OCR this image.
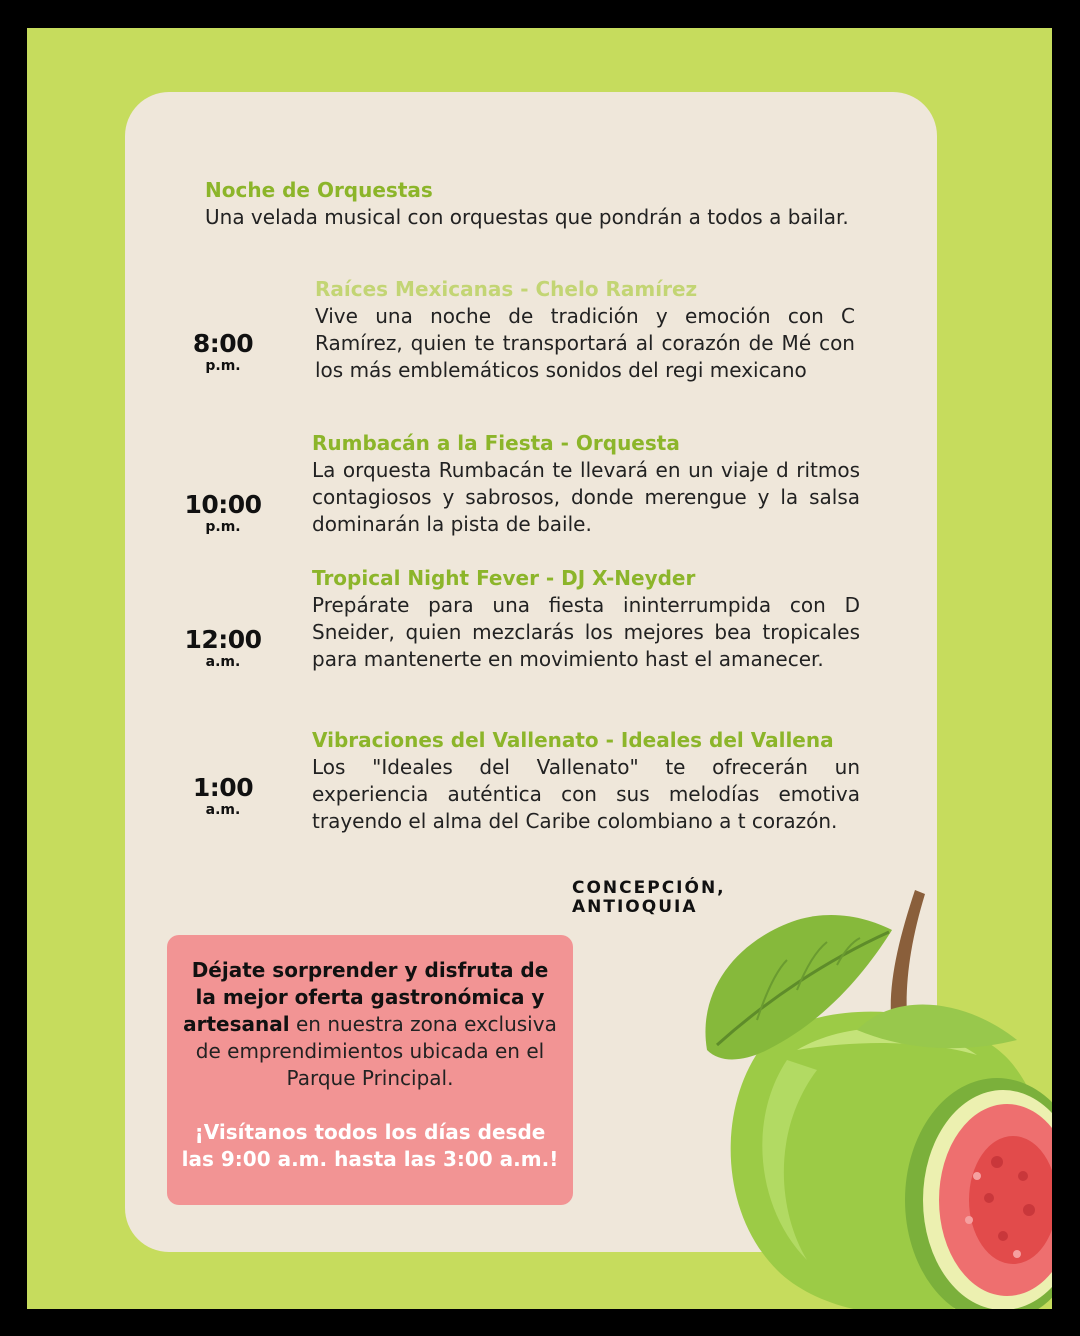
Noche de Orquestas
Una velada musical con orquestas que pondrán a todos a bailar.
8:00
p.m.
Raíces Mexicanas - Chelo Ramírez
Vive una noche de tradición y emoción con C Ramírez, quien te transportará al corazón de Mé con los más emblemáticos sonidos del regi mexicano
10:00
p.m.
Rumbacán a la Fiesta - Orquesta
La orquesta Rumbacán te llevará en un viaje d ritmos contagiosos y sabrosos, donde merengue y la salsa dominarán la pista de baile.
12:00
a.m.
Tropical Night Fever - DJ X-Neyder
Prepárate para una fiesta ininterrumpida con D Sneider, quien mezclarás los mejores bea tropicales para mantenerte en movimiento hast el amanecer.
1:00
a.m.
Vibraciones del Vallenato - Ideales del Vallena
Los "Ideales del Vallenato" te ofrecerán un experiencia auténtica con sus melodías emotiva trayendo el alma del Caribe colombiano a t corazón.
CONCEPCIÓN,
ANTIOQUIA

Déjate sorprender y disfruta de la mejor oferta gastronómica y artesanal en nuestra zona exclusiva de emprendimientos ubicada en el Parque Principal.

¡Visítanos todos los días desde las 9:00 a.m. hasta las 3:00 a.m.!
